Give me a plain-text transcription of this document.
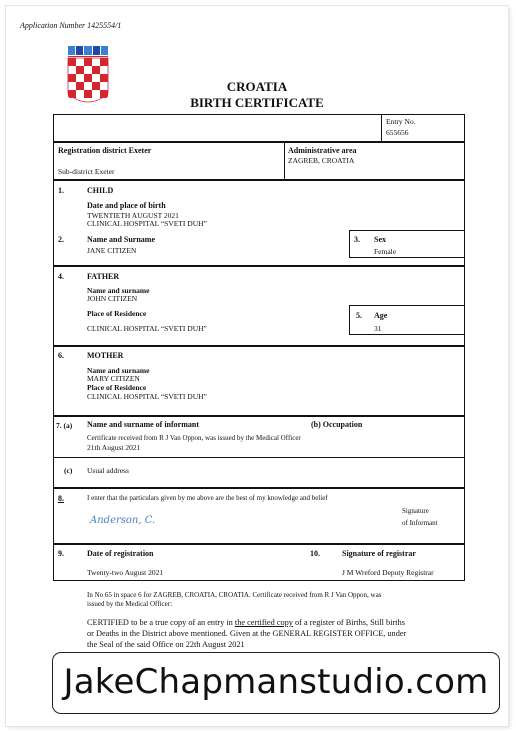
Application Number 1425554/1
CROATIA
BIRTH CERTIFICATE
Entry No.
655656
Registration district Exeter
Sub-district Exeter
Administrative area
ZAGREB, CROATIA
1.	CHILD
Date and place of birth
TWENTIETH AUGUST 2021
CLINICAL HOSPITAL “SVETI DUH”
2.	Name and Surname
JANE CITIZEN
3. Sex
Female
4.	FATHER
Name and surname
JOHN CITIZEN
Place of Residence
CLINICAL HOSPITAL “SVETI DUH”
5. Age
31
6.	MOTHER
Name and surname
MARY CITIZEN
Place of Residence
CLINICAL HOSPITAL “SVETI DUH”
7. (a) Name and surname of informant	(b) Occupation
Certificate received from R J Van Oppon, was issued by the Medical Officer
21th August 2021
(c) Usual address
8.	I enter that the particulars given by me above are the best of my knowledge and belief
Anderson, C.
Signature
of Informant
9.	Date of registration
Twenty-two August 2021
10.	Signature of registrar
J M Wreford Deputy Registrar
In No 65 in space 6 for ZAGREB, CROATIA, CROATIA. Certificate received from R J Van Oppon, was
issued by the Medical Officer:
CERTIFIED to be a true copy of an entry in the certified copy of a register of Births, Still births
or Deaths in the District above mentioned. Given at the GENERAL REGISTER OFFICE, under
the Seal of the said Office on 22th August 2021
JakeChapmanstudio.com
